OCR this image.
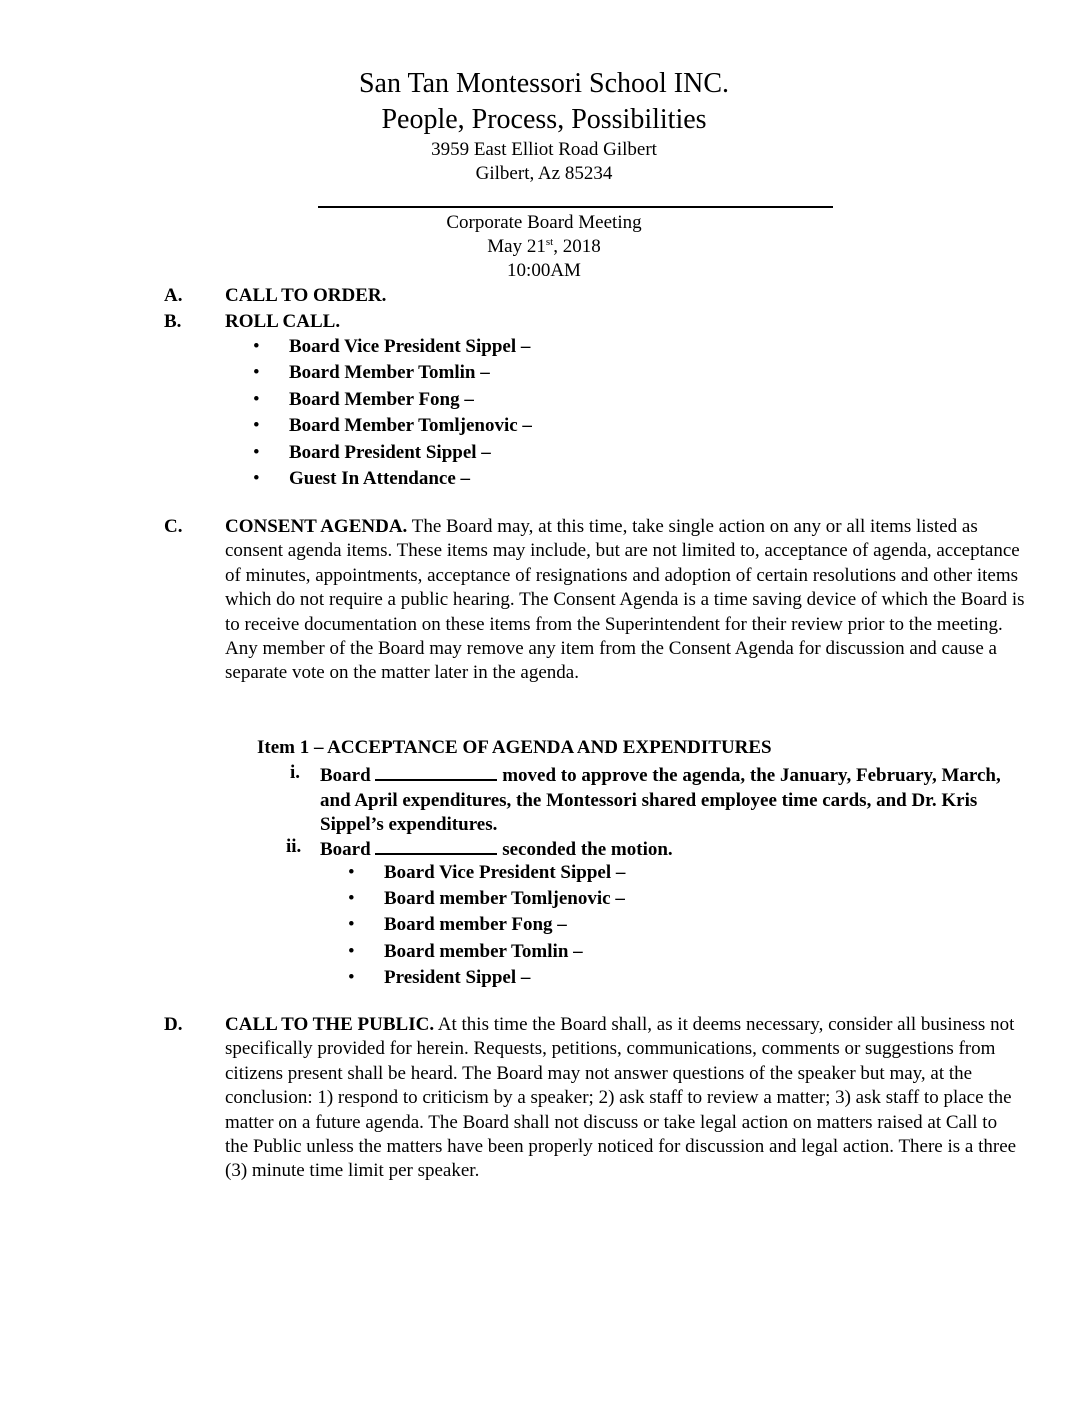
San Tan Montessori School INC.
People, Process, Possibilities
3959 East Elliot Road Gilbert
Gilbert, Az 85234
Corporate Board Meeting
May 21st, 2018
10:00AM
A. CALL TO ORDER.
B. ROLL CALL.
• Board Vice President Sippel –
• Board Member Tomlin –
• Board Member Fong –
• Board Member Tomljenovic –
• Board President Sippel –
• Guest In Attendance –
C. CONSENT AGENDA. The Board may, at this time, take single action on any or all items listed as consent agenda items. These items may include, but are not limited to, acceptance of agenda, acceptance of minutes, appointments, acceptance of resignations and adoption of certain resolutions and other items which do not require a public hearing. The Consent Agenda is a time saving device of which the Board is to receive documentation on these items from the Superintendent for their review prior to the meeting. Any member of the Board may remove any item from the Consent Agenda for discussion and cause a separate vote on the matter later in the agenda.
Item 1 – ACCEPTANCE OF AGENDA AND EXPENDITURES
i. Board	moved to approve the agenda, the January, February, March, and April expenditures, the Montessori shared employee time cards, and Dr. Kris Sippel’s expenditures.
ii. Board	seconded the motion.
• Board Vice President Sippel –
• Board member Tomljenovic –
• Board member Fong –
• Board member Tomlin –
• President Sippel –
D. CALL TO THE PUBLIC. At this time the Board shall, as it deems necessary, consider all business not specifically provided for herein. Requests, petitions, communications, comments or suggestions from citizens present shall be heard. The Board may not answer questions of the speaker but may, at the conclusion: 1) respond to criticism by a speaker; 2) ask staff to review a matter; 3) ask staff to place the matter on a future agenda. The Board shall not discuss or take legal action on matters raised at Call to the Public unless the matters have been properly noticed for discussion and legal action. There is a three (3) minute time limit per speaker.
